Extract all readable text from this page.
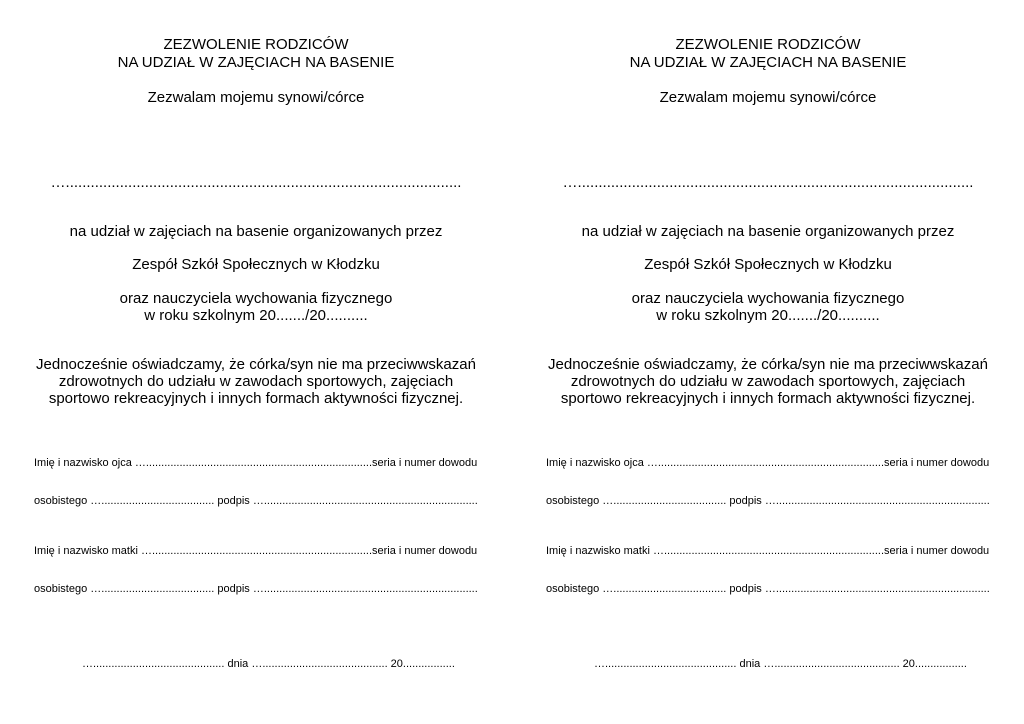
ZEZWOLENIE RODZICÓW
NA UDZIAŁ W ZAJĘCIACH NA BASENIE
Zezwalam mojemu synowi/córce
…...............................................................................................
na udział w zajęciach na basenie organizowanych przez
Zespół Szkół Społecznych w Kłodzku
oraz nauczyciela wychowania fizycznego
w roku szkolnym 20......./20..........
Jednocześnie oświadczamy, że córka/syn nie ma przeciwwskazań
zdrowotnych do udziału w zawodach sportowych, zajęciach
sportowo rekreacyjnych i innych formach aktywności fizycznej.
Imię i nazwisko ojca …..........................................................................seria i numer dowodu
osobistego …..................................... podpis …......................................................................
Imię i nazwisko matki …........................................................................seria i numer dowodu
osobistego …..................................... podpis …......................................................................
…........................................... dnia …......................................... 20.................
ZEZWOLENIE RODZICÓW
NA UDZIAŁ W ZAJĘCIACH NA BASENIE
Zezwalam mojemu synowi/córce
…...............................................................................................
na udział w zajęciach na basenie organizowanych przez
Zespół Szkół Społecznych w Kłodzku
oraz nauczyciela wychowania fizycznego
w roku szkolnym 20......./20..........
Jednocześnie oświadczamy, że córka/syn nie ma przeciwwskazań
zdrowotnych do udziału w zawodach sportowych, zajęciach
sportowo rekreacyjnych i innych formach aktywności fizycznej.
Imię i nazwisko ojca …..........................................................................seria i numer dowodu
osobistego …..................................... podpis …......................................................................
Imię i nazwisko matki …........................................................................seria i numer dowodu
osobistego …..................................... podpis …......................................................................
…........................................... dnia …......................................... 20.................
